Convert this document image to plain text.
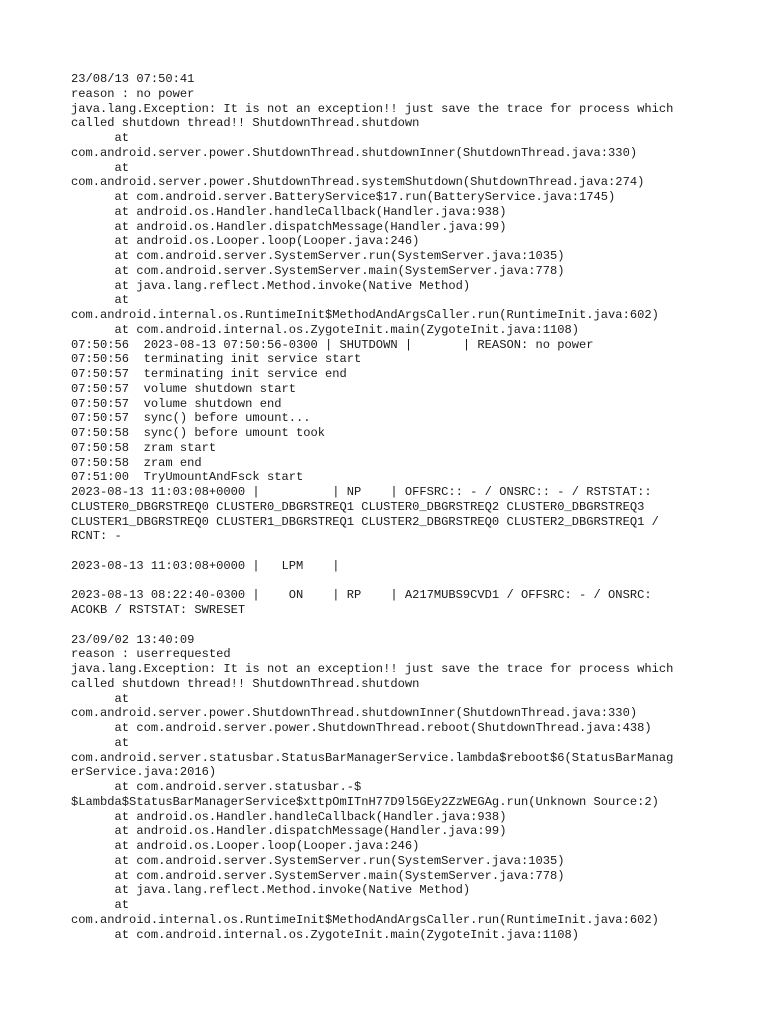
23/08/13 07:50:41
reason : no power
java.lang.Exception: It is not an exception!! just save the trace for process which
called shutdown thread!! ShutdownThread.shutdown
at
com.android.server.power.ShutdownThread.shutdownInner(ShutdownThread.java:330)
at
com.android.server.power.ShutdownThread.systemShutdown(ShutdownThread.java:274)
at com.android.server.BatteryService$17.run(BatteryService.java:1745)
at android.os.Handler.handleCallback(Handler.java:938)
at android.os.Handler.dispatchMessage(Handler.java:99)
at android.os.Looper.loop(Looper.java:246)
at com.android.server.SystemServer.run(SystemServer.java:1035)
at com.android.server.SystemServer.main(SystemServer.java:778)
at java.lang.reflect.Method.invoke(Native Method)
at
com.android.internal.os.RuntimeInit$MethodAndArgsCaller.run(RuntimeInit.java:602)
at com.android.internal.os.ZygoteInit.main(ZygoteInit.java:1108)
07:50:56  2023-08-13 07:50:56-0300 | SHUTDOWN |       | REASON: no power
07:50:56  terminating init service start
07:50:57  terminating init service end
07:50:57  volume shutdown start
07:50:57  volume shutdown end
07:50:57  sync() before umount...
07:50:58  sync() before umount took
07:50:58  zram start
07:50:58  zram end
07:51:00  TryUmountAndFsck start
2023-08-13 11:03:08+0000 |          | NP    | OFFSRC:: - / ONSRC:: - / RSTSTAT::
CLUSTER0_DBGRSTREQ0 CLUSTER0_DBGRSTREQ1 CLUSTER0_DBGRSTREQ2 CLUSTER0_DBGRSTREQ3
CLUSTER1_DBGRSTREQ0 CLUSTER1_DBGRSTREQ1 CLUSTER2_DBGRSTREQ0 CLUSTER2_DBGRSTREQ1 /
RCNT: -
2023-08-13 11:03:08+0000 |   LPM    |
2023-08-13 08:22:40-0300 |    ON    | RP    | A217MUBS9CVD1 / OFFSRC: - / ONSRC:
ACOKB / RSTSTAT: SWRESET
23/09/02 13:40:09
reason : userrequested
java.lang.Exception: It is not an exception!! just save the trace for process which
called shutdown thread!! ShutdownThread.shutdown
at
com.android.server.power.ShutdownThread.shutdownInner(ShutdownThread.java:330)
at com.android.server.power.ShutdownThread.reboot(ShutdownThread.java:438)
at
com.android.server.statusbar.StatusBarManagerService.lambda$reboot$6(StatusBarManag
erService.java:2016)
at com.android.server.statusbar.-$
$Lambda$StatusBarManagerService$xttpOmITnH77D9l5GEy2ZzWEGAg.run(Unknown Source:2)
at android.os.Handler.handleCallback(Handler.java:938)
at android.os.Handler.dispatchMessage(Handler.java:99)
at android.os.Looper.loop(Looper.java:246)
at com.android.server.SystemServer.run(SystemServer.java:1035)
at com.android.server.SystemServer.main(SystemServer.java:778)
at java.lang.reflect.Method.invoke(Native Method)
at
com.android.internal.os.RuntimeInit$MethodAndArgsCaller.run(RuntimeInit.java:602)
at com.android.internal.os.ZygoteInit.main(ZygoteInit.java:1108)
